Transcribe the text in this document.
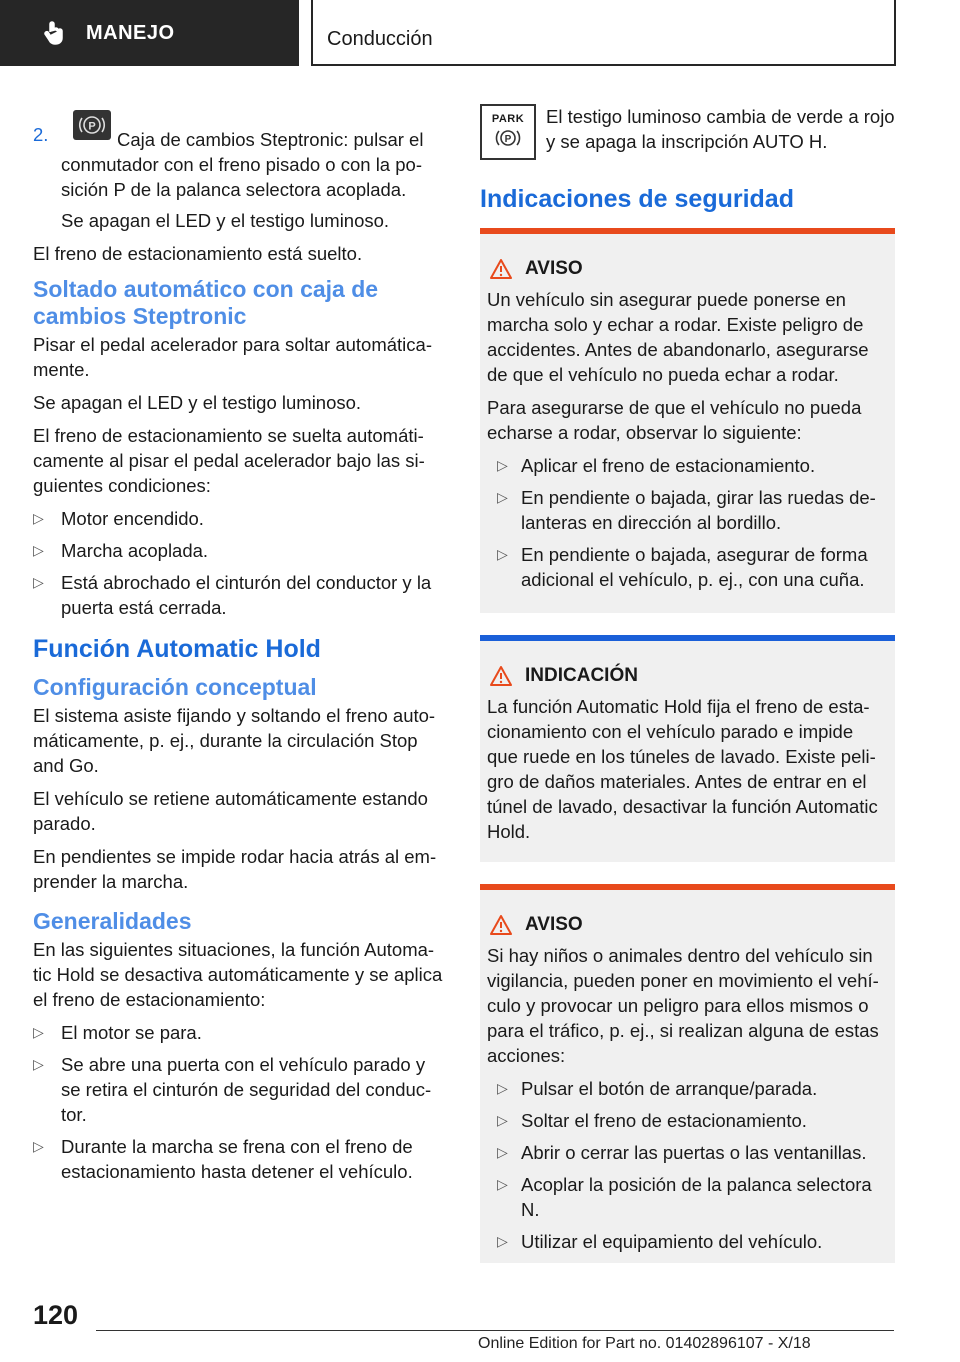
MANEJO	Conducción
2.	P
Caja de cambios Steptronic: pulsar el conmutador con el freno pisado o con la po-sición P de la palanca selectora acoplada.

Se apagan el LED y el testigo luminoso.

El freno de estacionamiento está suelto.

Soltado automático con caja de cambios Steptronic

Pisar el pedal acelerador para soltar automática-mente.

Se apagan el LED y el testigo luminoso.

El freno de estacionamiento se suelta automáti-camente al pisar el pedal acelerador bajo las si-guientes condiciones:

▷ Motor encendido.
▷ Marcha acoplada.
▷ Está abrochado el cinturón del conductor y la puerta está cerrada.
Función Automatic Hold
Configuración conceptual

El sistema asiste fijando y soltando el freno auto-máticamente, p. ej., durante la circulación Stop and Go.

El vehículo se retiene automáticamente estando parado.

En pendientes se impide rodar hacia atrás al em-prender la marcha.

Generalidades

En las siguientes situaciones, la función Automa-tic Hold se desactiva automáticamente y se aplica el freno de estacionamiento:

▷ El motor se para.
▷ Se abre una puerta con el vehículo parado y se retira el cinturón de seguridad del conduc-tor.
▷ Durante la marcha se frena con el freno de estacionamiento hasta detener el vehículo.
PARK
P
El testigo luminoso cambia de verde a rojo y se apaga la inscripción AUTO H.
Indicaciones de seguridad
AVISO

Un vehículo sin asegurar puede ponerse en marcha solo y echar a rodar. Existe peligro de accidentes. Antes de abandonarlo, asegurarse de que el vehículo no pueda echar a rodar.

Para asegurarse de que el vehículo no pueda echarse a rodar, observar lo siguiente:

▷ Aplicar el freno de estacionamiento.
▷ En pendiente o bajada, girar las ruedas de-lanteras en dirección al bordillo.
▷ En pendiente o bajada, asegurar de forma adicional el vehículo, p. ej., con una cuña.
INDICACIÓN

La función Automatic Hold fija el freno de esta-cionamiento con el vehículo parado e impide que ruede en los túneles de lavado. Existe peli-gro de daños materiales. Antes de entrar en el túnel de lavado, desactivar la función Automatic Hold.

AVISO

Si hay niños o animales dentro del vehículo sin vigilancia, pueden poner en movimiento el vehí-culo y provocar un peligro para ellos mismos o para el tráfico, p. ej., si realizan alguna de estas acciones:

▷ Pulsar el botón de arranque/parada.
▷ Soltar el freno de estacionamiento.
▷ Abrir o cerrar las puertas o las ventanillas.
▷ Acoplar la posición de la palanca selectora N.
▷ Utilizar el equipamiento del vehículo.
120
Online Edition for Part no. 01402896107 - X/18
